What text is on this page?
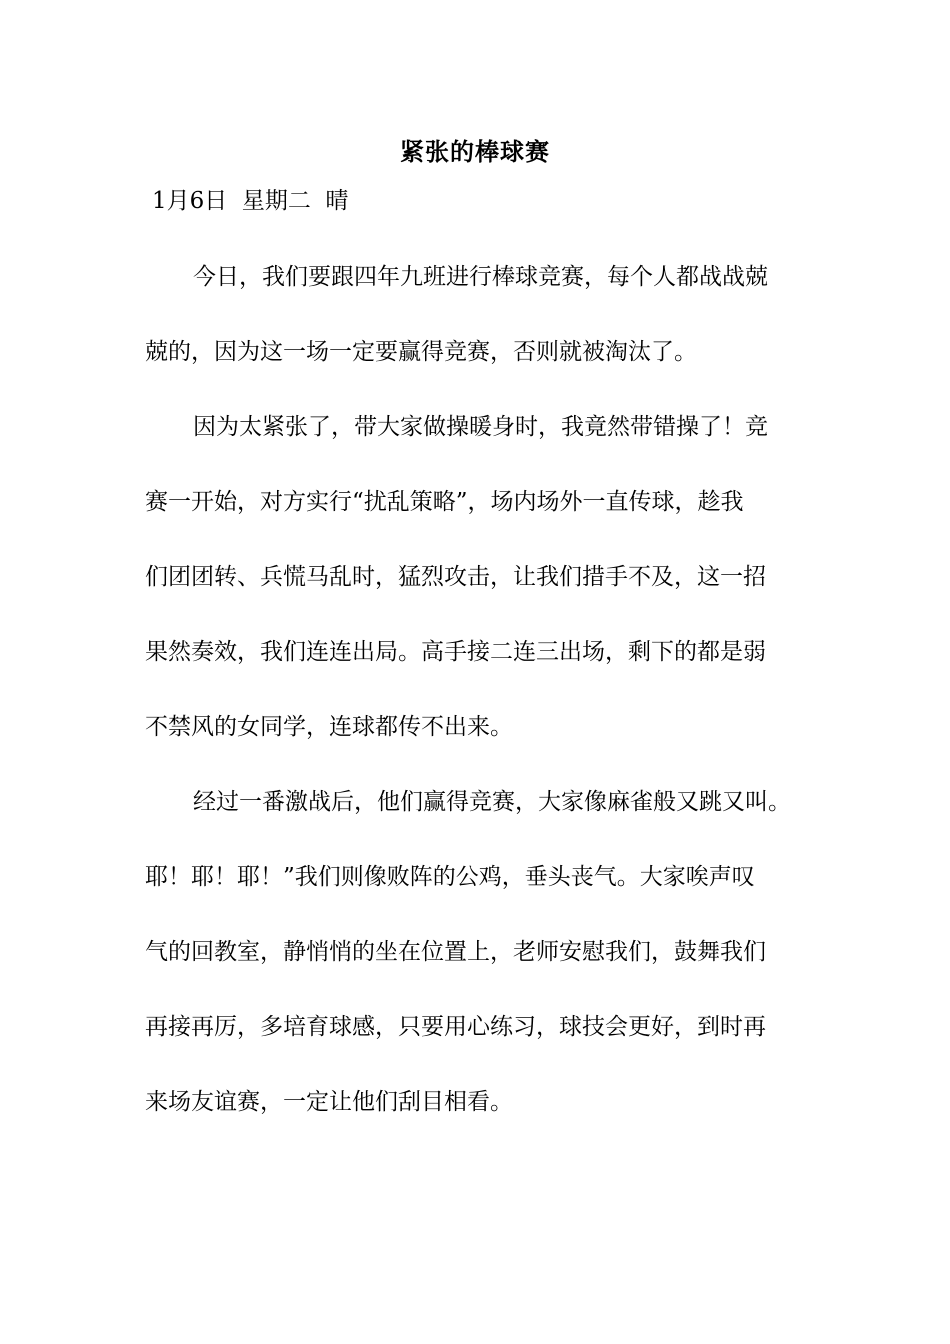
紧张的棒球赛
1月6日  星期二  晴
今日，我们要跟四年九班进行棒球竞赛，每个人都战战兢
兢的，因为这一场一定要赢得竞赛，否则就被淘汰了。
因为太紧张了，带大家做操暖身时，我竟然带错操了！竞
赛一开始，对方实行“扰乱策略”，场内场外一直传球，趁我
们团团转、兵慌马乱时，猛烈攻击，让我们措手不及，这一招
果然奏效，我们连连出局。高手接二连三出场，剩下的都是弱
不禁风的女同学，连球都传不出来。
经过一番激战后，他们赢得竞赛，大家像麻雀般又跳又叫。
耶！耶！耶！”我们则像败阵的公鸡，垂头丧气。大家唉声叹
气的回教室，静悄悄的坐在位置上，老师安慰我们，鼓舞我们
再接再厉，多培育球感，只要用心练习，球技会更好，到时再
来场友谊赛，一定让他们刮目相看。
